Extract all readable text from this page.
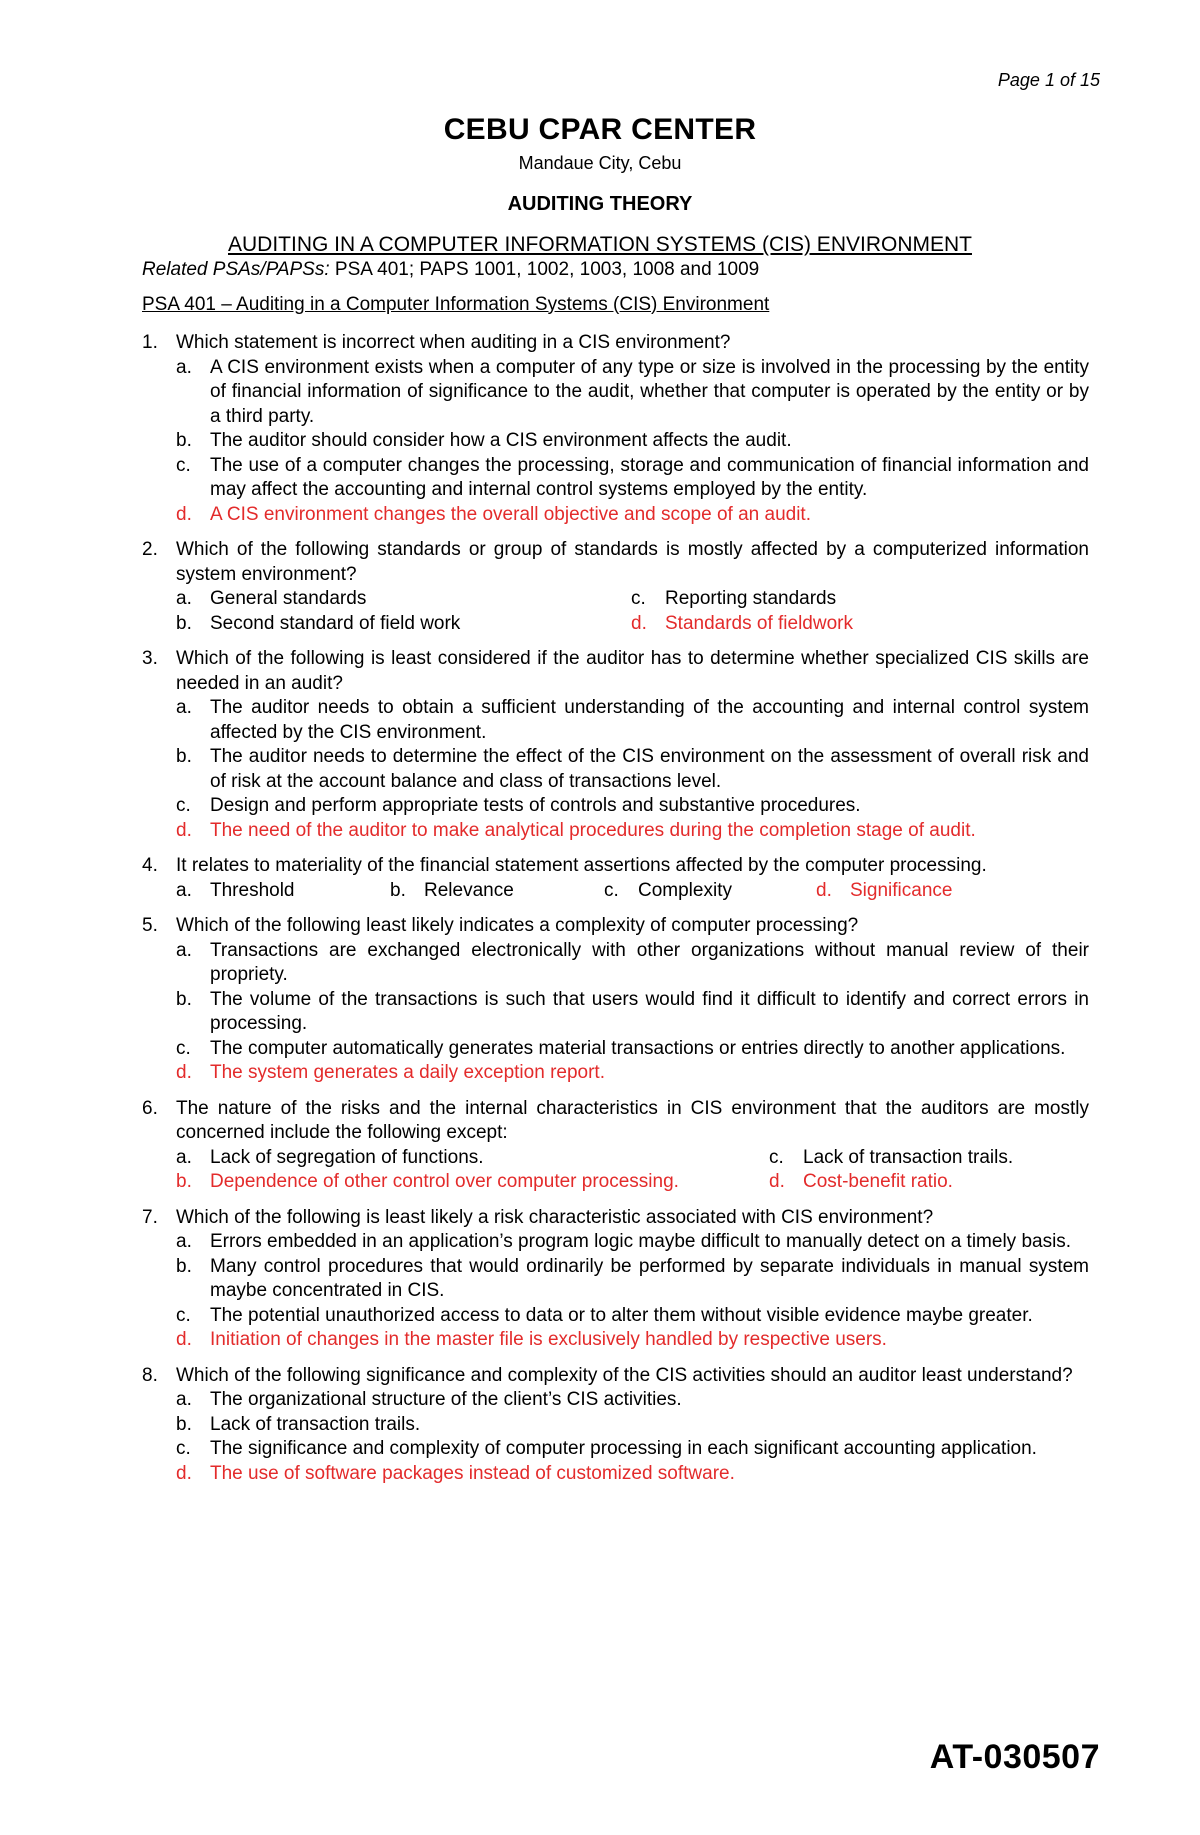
Page 1 of 15
CEBU CPAR CENTER
Mandaue City, Cebu
AUDITING THEORY
AUDITING IN A COMPUTER INFORMATION SYSTEMS (CIS) ENVIRONMENT
Related PSAs/PAPSs: PSA 401; PAPS 1001, 1002, 1003, 1008 and 1009
PSA 401 – Auditing in a Computer Information Systems (CIS) Environment
1. Which statement is incorrect when auditing in a CIS environment?
a. A CIS environment exists when a computer of any type or size is involved in the processing by the entity of financial information of significance to the audit, whether that computer is operated by the entity or by a third party.
b. The auditor should consider how a CIS environment affects the audit.
c.	The use of a computer changes the processing, storage and communication of financial information and may affect the accounting and internal control systems employed by the entity.
d. A CIS environment changes the overall objective and scope of an audit.
2. Which of the following standards or group of standards is mostly affected by a computerized information system environment?
a. General standards	c.	Reporting standards
b. Second standard of field work	d. Standards of fieldwork
3. Which of the following is least considered if the auditor has to determine whether specialized CIS skills are needed in an audit?
a. The auditor needs to obtain a sufficient understanding of the accounting and internal control system affected by the CIS environment.
b. The auditor needs to determine the effect of the CIS environment on the assessment of overall risk and of risk at the account balance and class of transactions level.
c.	Design and perform appropriate tests of controls and substantive procedures.
d. The need of the auditor to make analytical procedures during the completion stage of audit.
4. It relates to materiality of the financial statement assertions affected by the computer processing.
a. Threshold	b. Relevance	c.	Complexity	d. Significance
5. Which of the following least likely indicates a complexity of computer processing?
a. Transactions are exchanged electronically with other organizations without manual review of their propriety.
b. The volume of the transactions is such that users would find it difficult to identify and correct errors in processing.
c.	The computer automatically generates material transactions or entries directly to another applications.
d. The system generates a daily exception report.
6. The nature of the risks and the internal characteristics in CIS environment that the auditors are mostly concerned include the following except:
a. Lack of segregation of functions.	c.	Lack of transaction trails.
b. Dependence of other control over computer processing.	d. Cost-benefit ratio.
7. Which of the following is least likely a risk characteristic associated with CIS environment?
a. Errors embedded in an application’s program logic maybe difficult to manually detect on a timely basis.
b. Many control procedures that would ordinarily be performed by separate individuals in manual system maybe concentrated in CIS.
c.	The potential unauthorized access to data or to alter them without visible evidence maybe greater.
d. Initiation of changes in the master file is exclusively handled by respective users.
8. Which of the following significance and complexity of the CIS activities should an auditor least understand?
a. The organizational structure of the client’s CIS activities.
b. Lack of transaction trails.
c.	The significance and complexity of computer processing in each significant accounting application.
d. The use of software packages instead of customized software.
AT-030507
